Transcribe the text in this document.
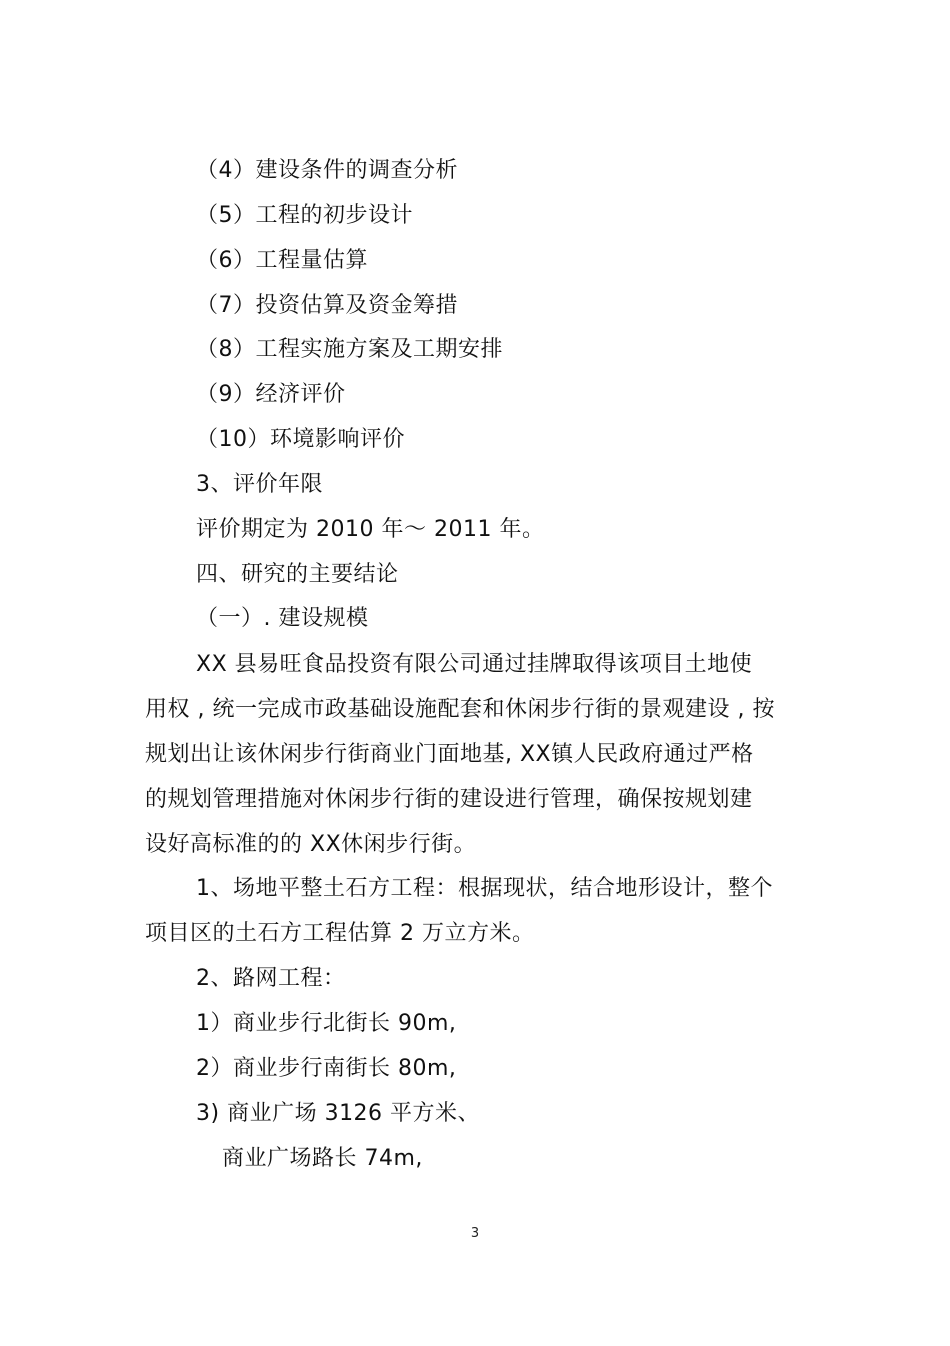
（4）建设条件的调查分析
（5）工程的初步设计
（6）工程量估算
（7）投资估算及资金筹措
（8）工程实施方案及工期安排
（9）经济评价
（10）环境影响评价
3、评价年限
评价期定为 2010 年～ 2011 年。
四、研究的主要结论
（一）. 建设规模
XX 县易旺食品投资有限公司通过挂牌取得该项目土地使
用权 , 统一完成市政基础设施配套和休闲步行街的景观建设 , 按
规划出让该休闲步行街商业门面地基, XX镇人民政府通过严格
的规划管理措施对休闲步行街的建设进行管理，确保按规划建
设好高标准的的 XX休闲步行街。
1、场地平整土石方工程：根据现状，结合地形设计，整个
项目区的土石方工程估算 2 万立方米。
2、路网工程：
1）商业步行北街长 90m,
2）商业步行南街长 80m,
3) 商业广场 3126 平方米、
商业广场路长 74m,
3
